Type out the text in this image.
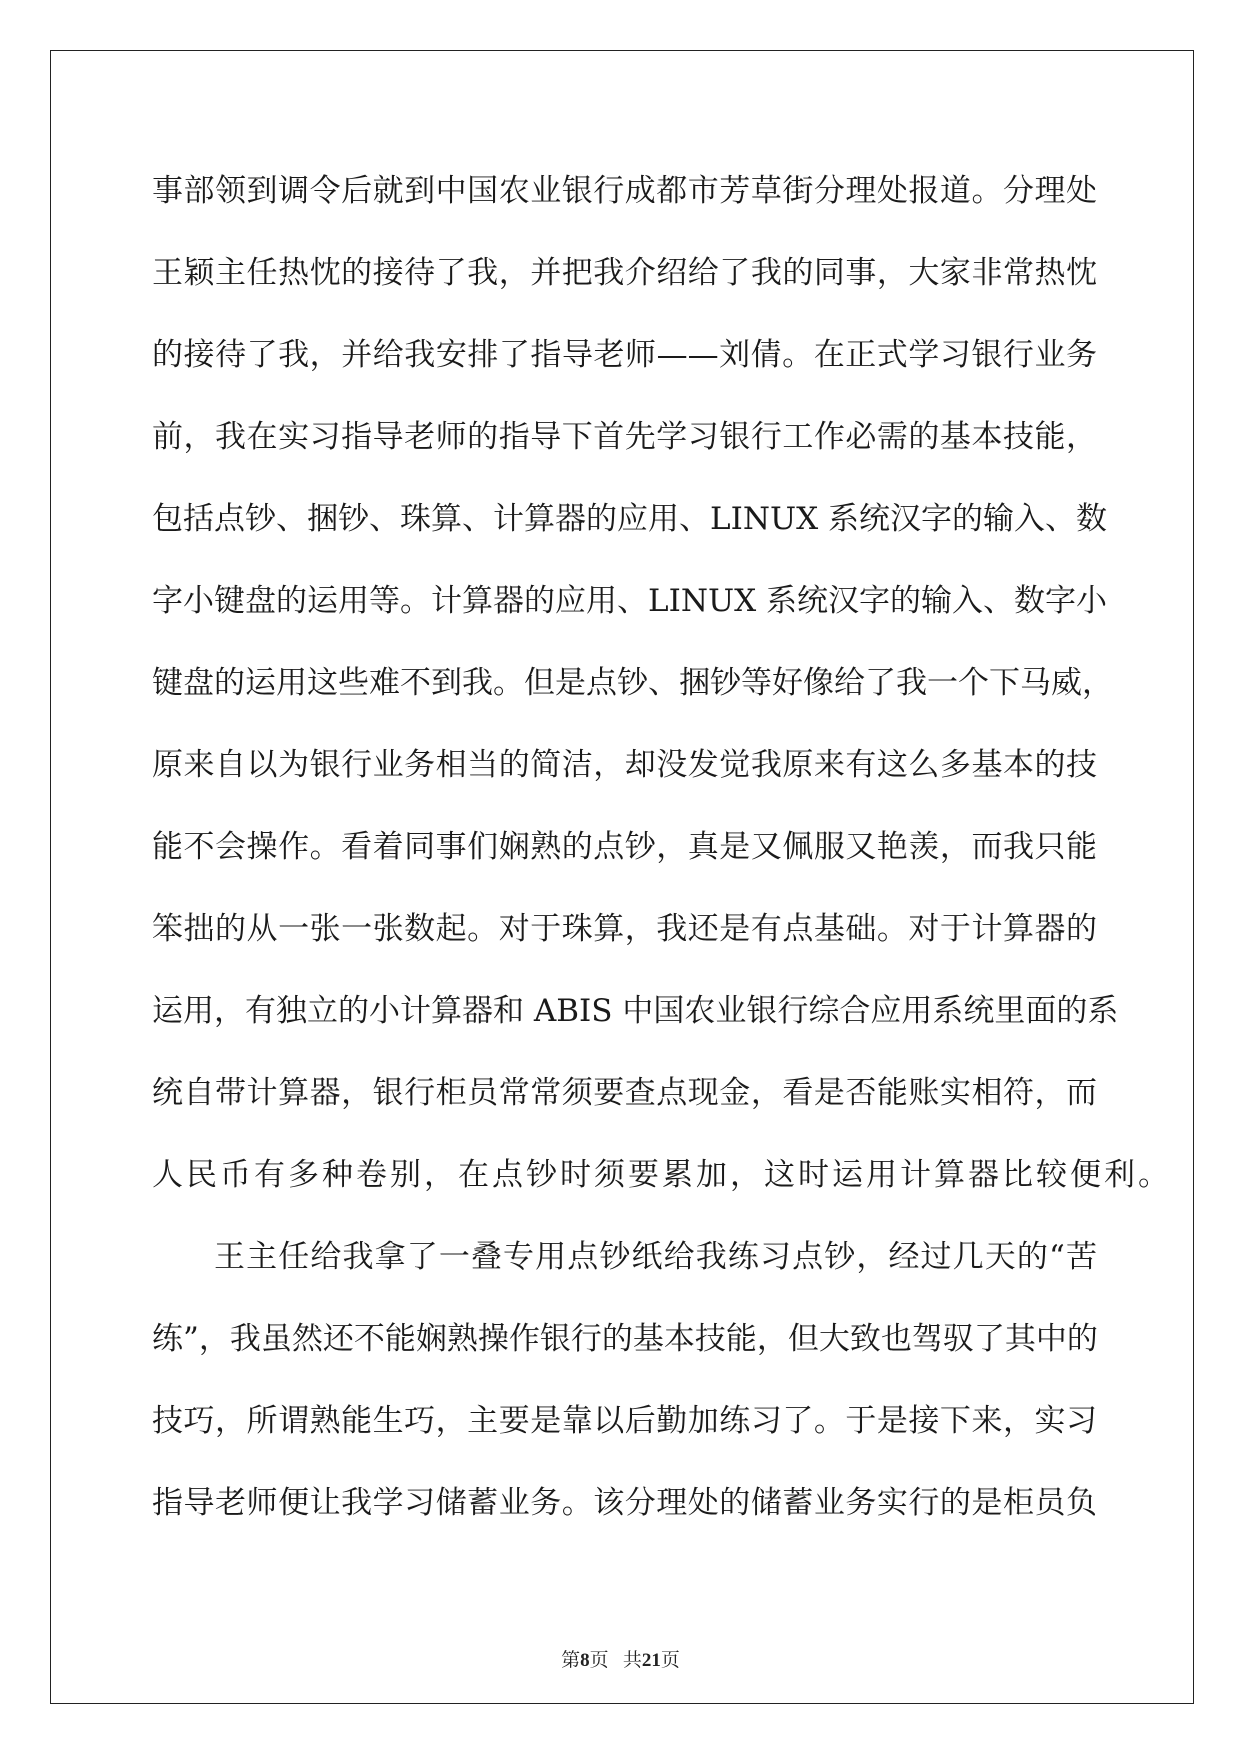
事部领到调令后就到中国农业银行成都市芳草街分理处报道。分理处
王颖主任热忱的接待了我，并把我介绍给了我的同事，大家非常热忱
的接待了我，并给我安排了指导老师——刘倩。在正式学习银行业务
前，我在实习指导老师的指导下首先学习银行工作必需的基本技能，
包括点钞、捆钞、珠算、计算器的应用、LINUX 系统汉字的输入、数
字小键盘的运用等。计算器的应用、LINUX 系统汉字的输入、数字小
键盘的运用这些难不到我。但是点钞、捆钞等好像给了我一个下马威，
原来自以为银行业务相当的简洁，却没发觉我原来有这么多基本的技
能不会操作。看着同事们娴熟的点钞，真是又佩服又艳羡，而我只能
笨拙的从一张一张数起。对于珠算，我还是有点基础。对于计算器的
运用，有独立的小计算器和 ABIS 中国农业银行综合应用系统里面的系
统自带计算器，银行柜员常常须要查点现金，看是否能账实相符，而
人民币有多种卷别，在点钞时须要累加，这时运用计算器比较便利。
王主任给我拿了一叠专用点钞纸给我练习点钞，经过几天的“苦
练”，我虽然还不能娴熟操作银行的基本技能，但大致也驾驭了其中的
技巧，所谓熟能生巧，主要是靠以后勤加练习了。于是接下来，实习
指导老师便让我学习储蓄业务。该分理处的储蓄业务实行的是柜员负
第8页 共21页
